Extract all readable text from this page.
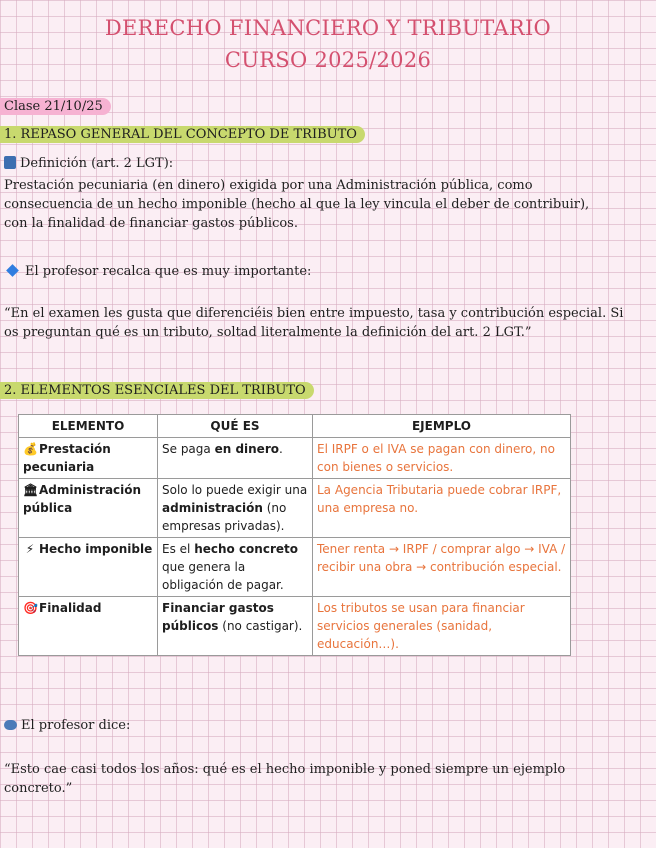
DERECHO FINANCIERO Y TRIBUTARIO
CURSO 2025/2026
Clase 21/10/25
1. REPASO GENERAL DEL CONCEPTO DE TRIBUTO
Definición (art. 2 LGT):

Prestación pecuniaria (en dinero) exigida por una Administración pública, como consecuencia de un hecho imponible (hecho al que la ley vincula el deber de contribuir), con la finalidad de financiar gastos públicos.

El profesor recalca que es muy importante:

“En el examen les gusta que diferenciéis bien entre impuesto, tasa y contribución especial. Si os preguntan qué es un tributo, soltad literalmente la definición del art. 2 LGT.”

2. ELEMENTOS ESENCIALES DEL TRIBUTO
ELEMENTO	QUÉ ES	EJEMPLO
💰Prestación pecuniaria	Se paga en dinero.	El IRPF o el IVA se pagan con dinero, no con bienes o servicios.
🏛Administración pública	Solo lo puede exigir una administración (no empresas privadas).	La Agencia Tributaria puede cobrar IRPF, una empresa no.
⚡ Hecho imponible	Es el hecho concreto que genera la obligación de pagar.	Tener renta → IRPF / comprar algo → IVA / recibir una obra → contribución especial.
🎯Finalidad	Financiar gastos públicos (no castigar).	Los tributos se usan para financiar servicios generales (sanidad, educación…).
El profesor dice:

“Esto cae casi todos los años: qué es el hecho imponible y poned siempre un ejemplo concreto.”
